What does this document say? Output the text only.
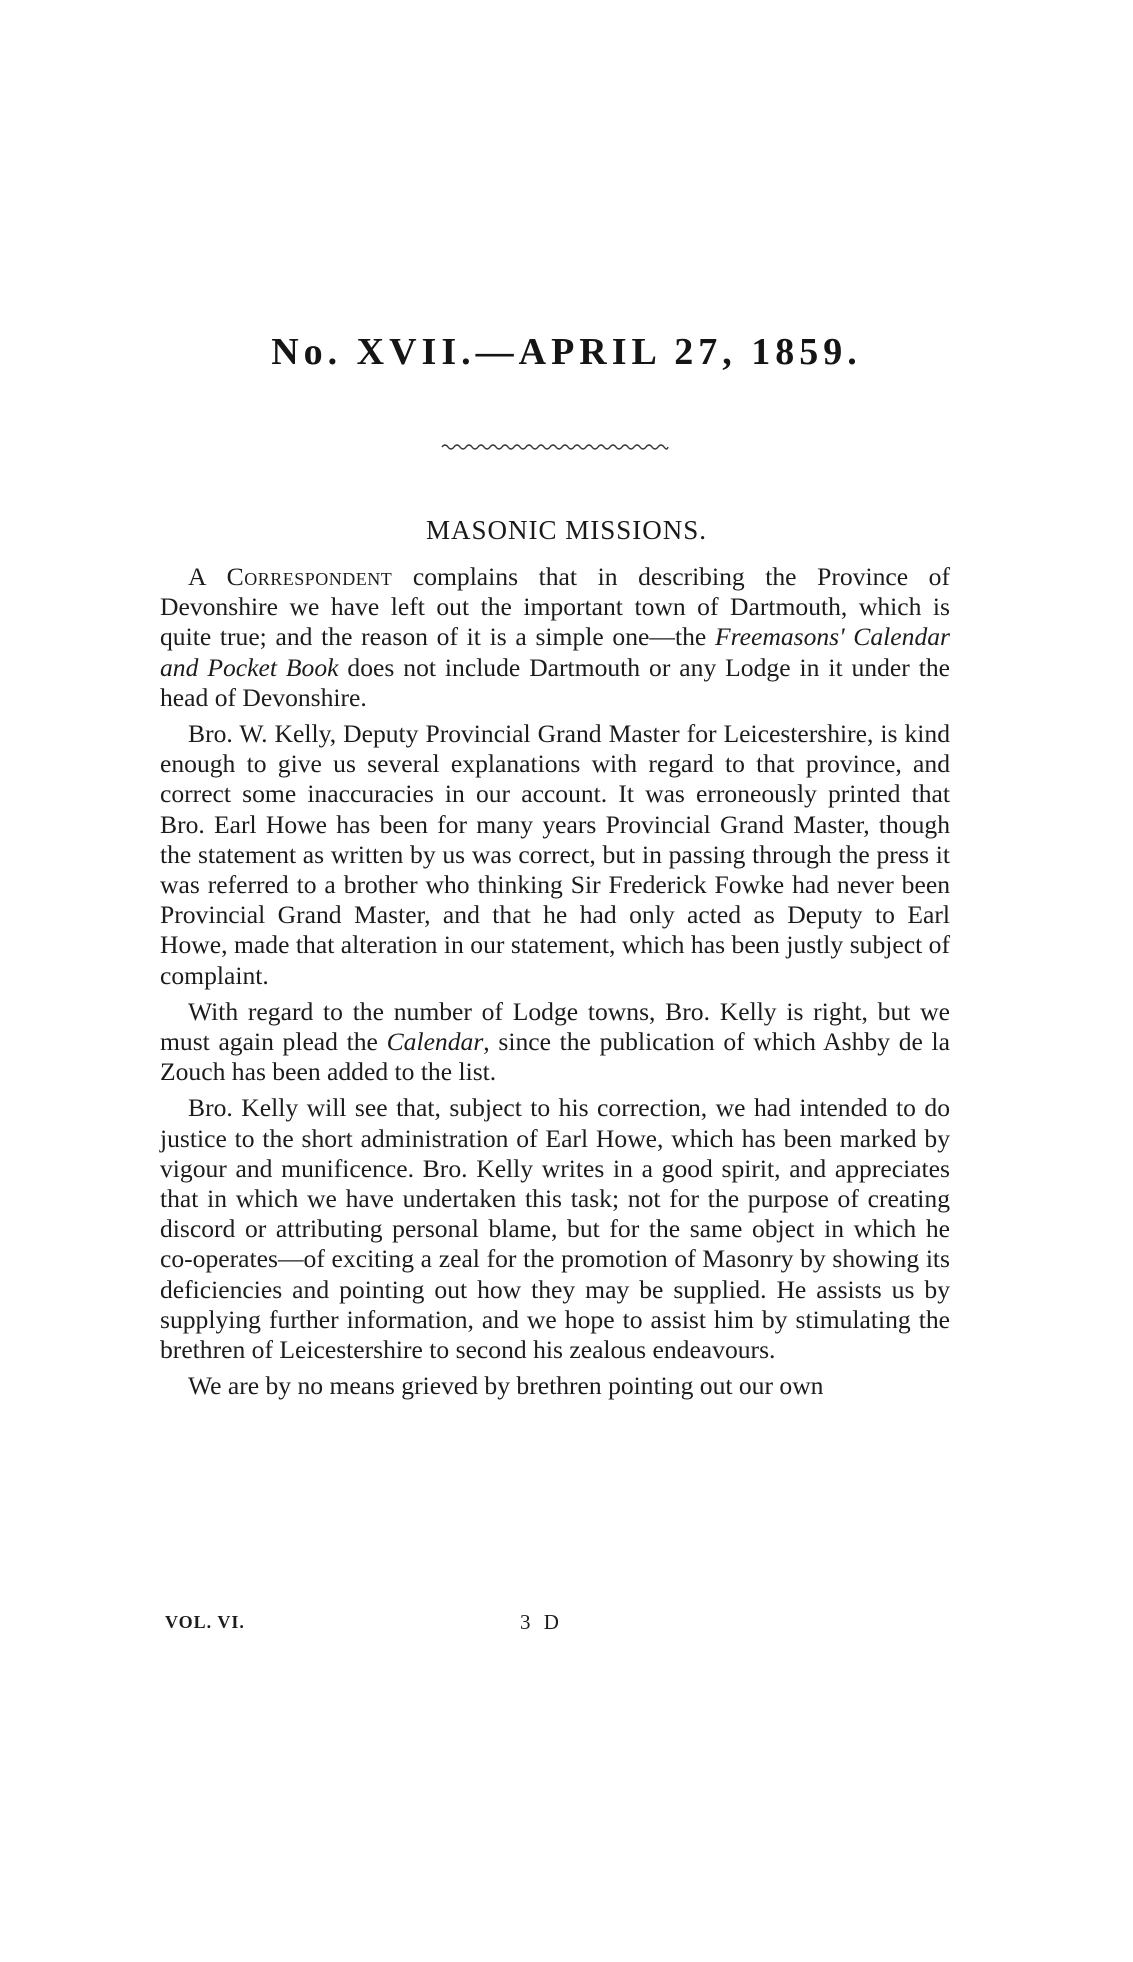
No. XVII.—APRIL 27, 1859.
MASONIC MISSIONS.

A Correspondent complains that in describing the Province of Devonshire we have left out the important town of Dartmouth, which is quite true; and the reason of it is a simple one—the Freemasons' Calendar and Pocket Book does not include Dartmouth or any Lodge in it under the head of Devonshire.

Bro. W. Kelly, Deputy Provincial Grand Master for Leicestershire, is kind enough to give us several explanations with regard to that province, and correct some inaccuracies in our account. It was erroneously printed that Bro. Earl Howe has been for many years Provincial Grand Master, though the statement as written by us was correct, but in passing through the press it was referred to a brother who thinking Sir Frederick Fowke had never been Provincial Grand Master, and that he had only acted as Deputy to Earl Howe, made that alteration in our statement, which has been justly subject of complaint.

With regard to the number of Lodge towns, Bro. Kelly is right, but we must again plead the Calendar, since the publication of which Ashby de la Zouch has been added to the list.

Bro. Kelly will see that, subject to his correction, we had intended to do justice to the short administration of Earl Howe, which has been marked by vigour and munificence. Bro. Kelly writes in a good spirit, and appreciates that in which we have undertaken this task; not for the purpose of creating discord or attributing personal blame, but for the same object in which he co-operates—of exciting a zeal for the promotion of Masonry by showing its deficiencies and pointing out how they may be supplied. He assists us by supplying further information, and we hope to assist him by stimulating the brethren of Leicestershire to second his zealous endeavours.

We are by no means grieved by brethren pointing out our own

VOL. VI.	3 D
